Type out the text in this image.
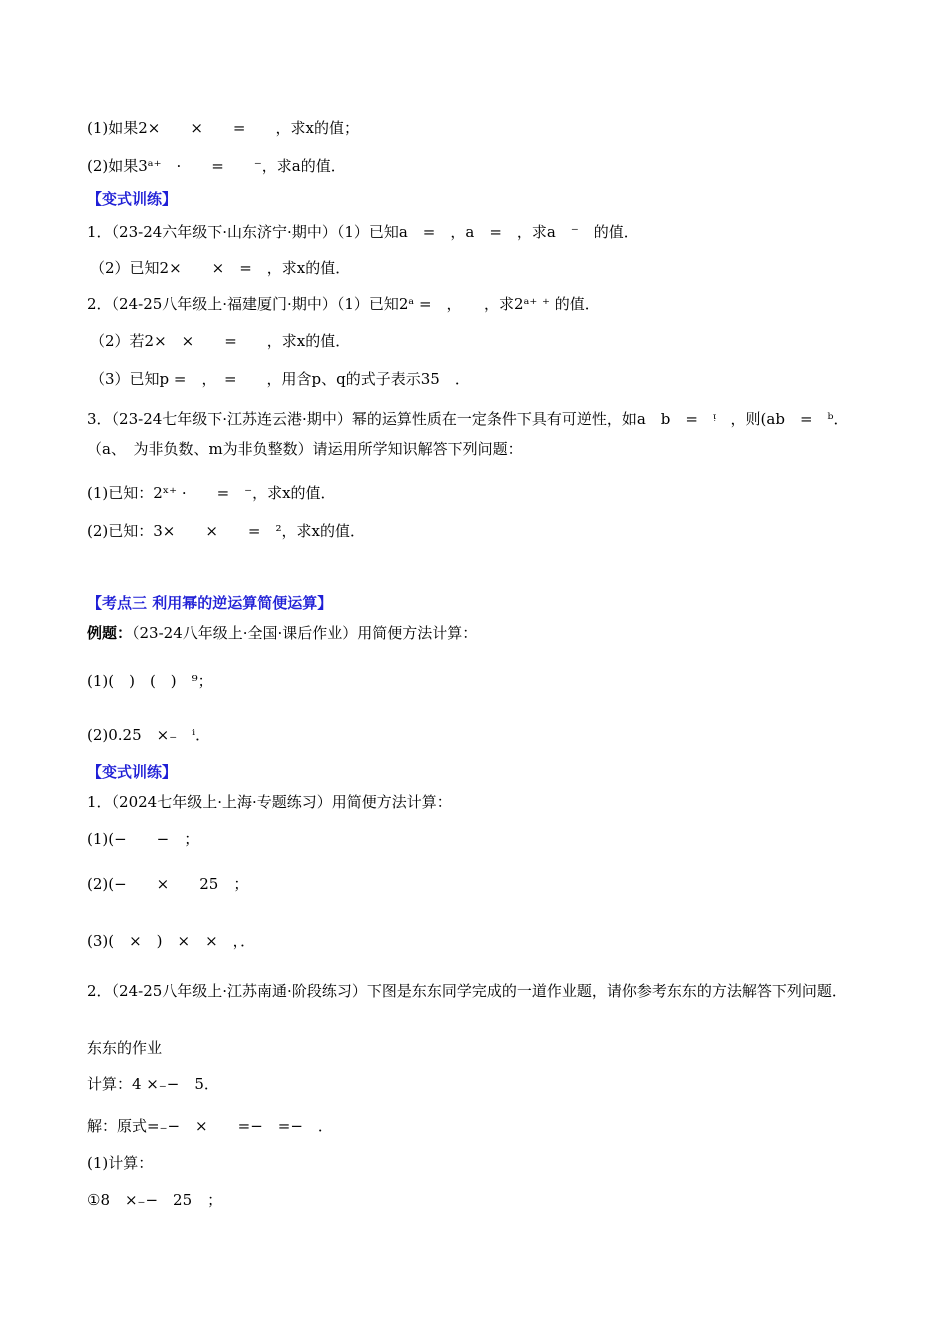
(1)如果2×　　×　　=　　，求x的值；
(2)如果3ᵃ⁺　·　　=　　⁻，求a的值．
【变式训练】
1．（23-24六年级下·山东济宁·期中）（1）已知a　=　，a　=　，求a　⁻　的值．
（2）已知2×　　×　=　，求x的值．
2．（24-25八年级上·福建厦门·期中）（1）已知2ᵃ =　，　　，求2ᵃ⁺ ⁺ 的值．
（2）若2×　×　　=　　，求x的值．
（3）已知p =　，　=　　，用含p、q的式子表示35　．
3．（23-24七年级下·江苏连云港·期中）幂的运算性质在一定条件下具有可逆性，如a　b　=　ᵎ　，则(ab　=　ᵇ．（a、　为非负数、m为非负整数）请运用所学知识解答下列问题：
(1)已知：2ˣ⁺ ·　　=　⁻，求x的值．
(2)已知：3×　　×　　=　²，求x的值．
【考点三 利用幂的逆运算简便运算】
例题：（23-24八年级上·全国·课后作业）用简便方法计算：
(1)(　)　(　)　⁹；
(2)0.25　×₋　ⁱ．
【变式训练】
1．（2024七年级上·上海·专题练习）用简便方法计算：
(1)(−　　−　；
(2)(−　　×　　25　；
(3)(　×　)　×　×　，．
2．（24-25八年级上·江苏南通·阶段练习）下图是东东同学完成的一道作业题，请你参考东东的方法解答下列问题．
东东的作业
计算：4 ×₋−　5．
解：原式=₋−　×　　=−　=−　．
(1)计算：
①8　×₋−　25　；
